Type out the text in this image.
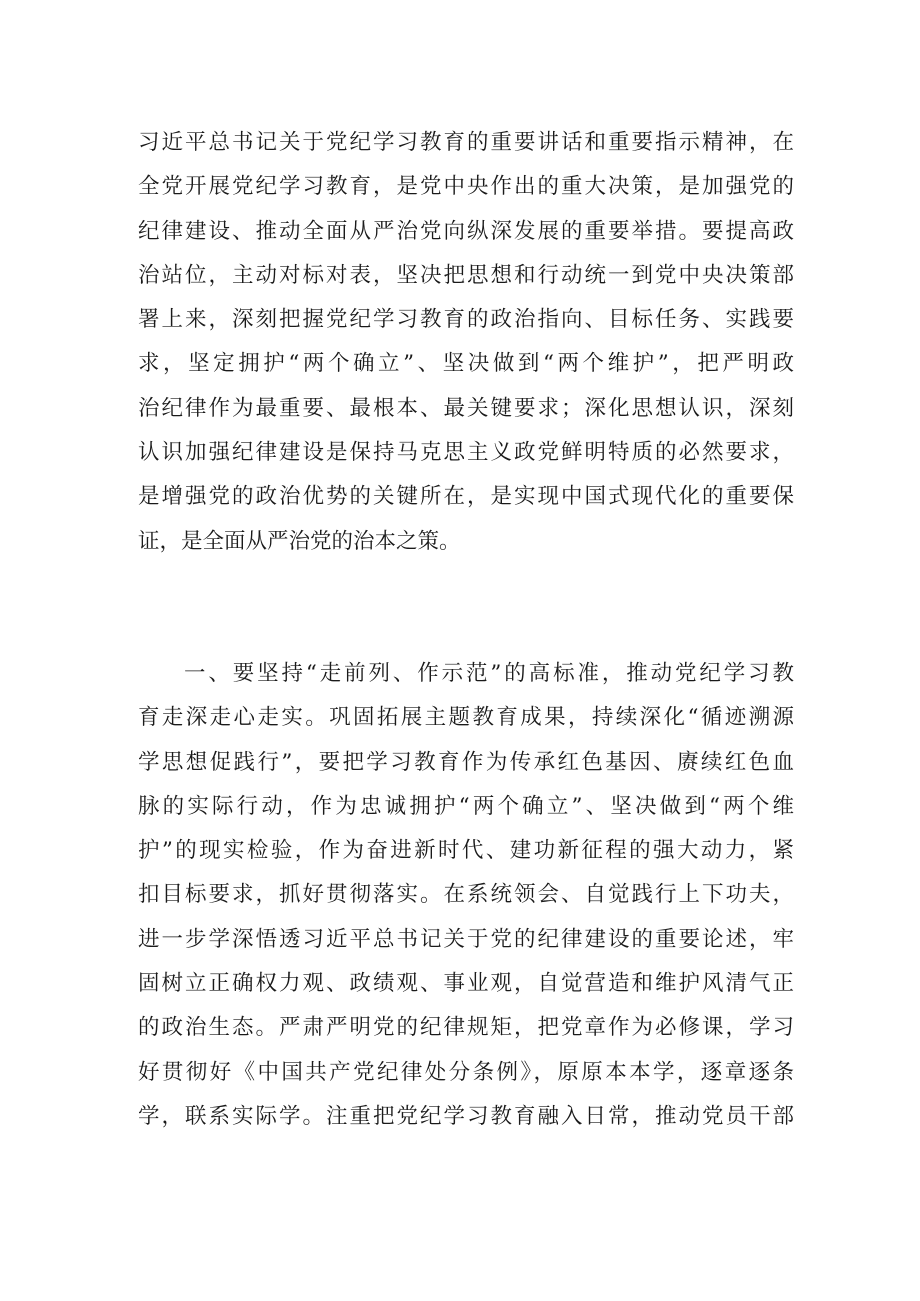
习近平总书记关于党纪学习教育的重要讲话和重要指示精神，在
全党开展党纪学习教育，是党中央作出的重大决策，是加强党的
纪律建设、推动全面从严治党向纵深发展的重要举措。要提高政
治站位，主动对标对表，坚决把思想和行动统一到党中央决策部
署上来，深刻把握党纪学习教育的政治指向、目标任务、实践要
求，坚定拥护“两个确立”、坚决做到“两个维护”，把严明政
治纪律作为最重要、最根本、最关键要求；深化思想认识，深刻
认识加强纪律建设是保持马克思主义政党鲜明特质的必然要求，
是增强党的政治优势的关键所在，是实现中国式现代化的重要保
证，是全面从严治党的治本之策。
一、要坚持“走前列、作示范”的高标准，推动党纪学习教
育走深走心走实。巩固拓展主题教育成果，持续深化“循迹溯源
学思想促践行”，要把学习教育作为传承红色基因、赓续红色血
脉的实际行动，作为忠诚拥护“两个确立”、坚决做到“两个维
护”的现实检验，作为奋进新时代、建功新征程的强大动力，紧
扣目标要求，抓好贯彻落实。在系统领会、自觉践行上下功夫，
进一步学深悟透习近平总书记关于党的纪律建设的重要论述，牢
固树立正确权力观、政绩观、事业观，自觉营造和维护风清气正
的政治生态。严肃严明党的纪律规矩，把党章作为必修课，学习
好贯彻好《中国共产党纪律处分条例》，原原本本学，逐章逐条
学，联系实际学。注重把党纪学习教育融入日常，推动党员干部
